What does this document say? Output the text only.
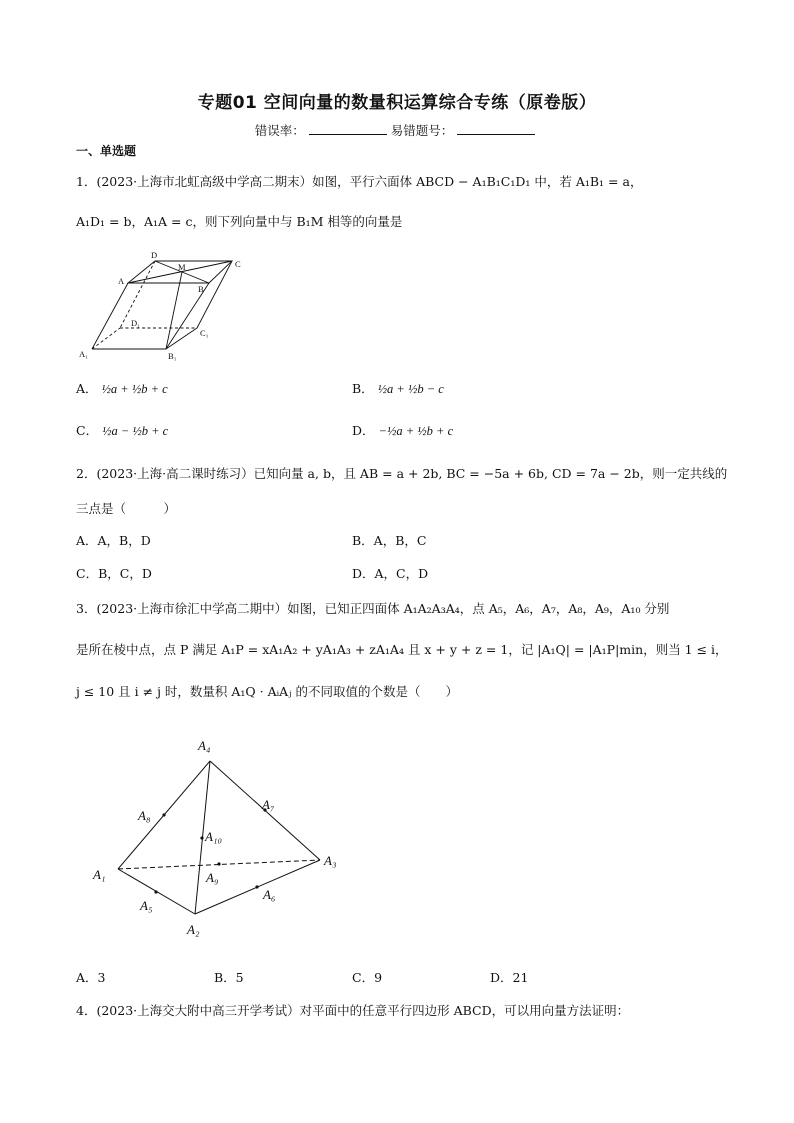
专题01 空间向量的数量积运算综合专练（原卷版）
错误率：	易错题号：
一、单选题
1．(2023·上海市北虹高级中学高二期末）如图，平行六面体 ABCD − A₁B₁C₁D₁ 中，若 A₁B₁ = a，
A₁D₁ = b，A₁A = c，则下列向量中与 B₁M 相等的向量是
D
M	C
A
B
D₁
C₁
A₁	B₁
A． ½a + ½b + c	B． ½a + ½b − c
C． ½a − ½b + c	D． −½a + ½b + c
2．(2023·上海·高二课时练习）已知向量 a, b，且 AB = a + 2b, BC = −5a + 6b, CD = 7a − 2b，则一定共线的
三点是（　　　）
A．A，B，D	B．A，B，C
C．B，C，D	D．A，C，D
3．(2023·上海市徐汇中学高二期中）如图，已知正四面体 A₁A₂A₃A₄，点 A₅，A₆，A₇，A₈，A₉，A₁₀ 分别
是所在棱中点，点 P 满足 A₁P = xA₁A₂ + yA₁A₃ + zA₁A₄ 且 x + y + z = 1，记 |A₁Q| = |A₁P|min，则当 1 ≤ i，
j ≤ 10 且 i ≠ j 时，数量积 A₁Q · AᵢAⱼ 的不同取值的个数是（　　）
A₄
A₈
A₇
A₁₀
A₃
A₁	A₉
A₆
A₅
A₂
A．3	B．5	C．9	D．21
4．(2023·上海交大附中高三开学考试）对平面中的任意平行四边形 ABCD，可以用向量方法证明：
